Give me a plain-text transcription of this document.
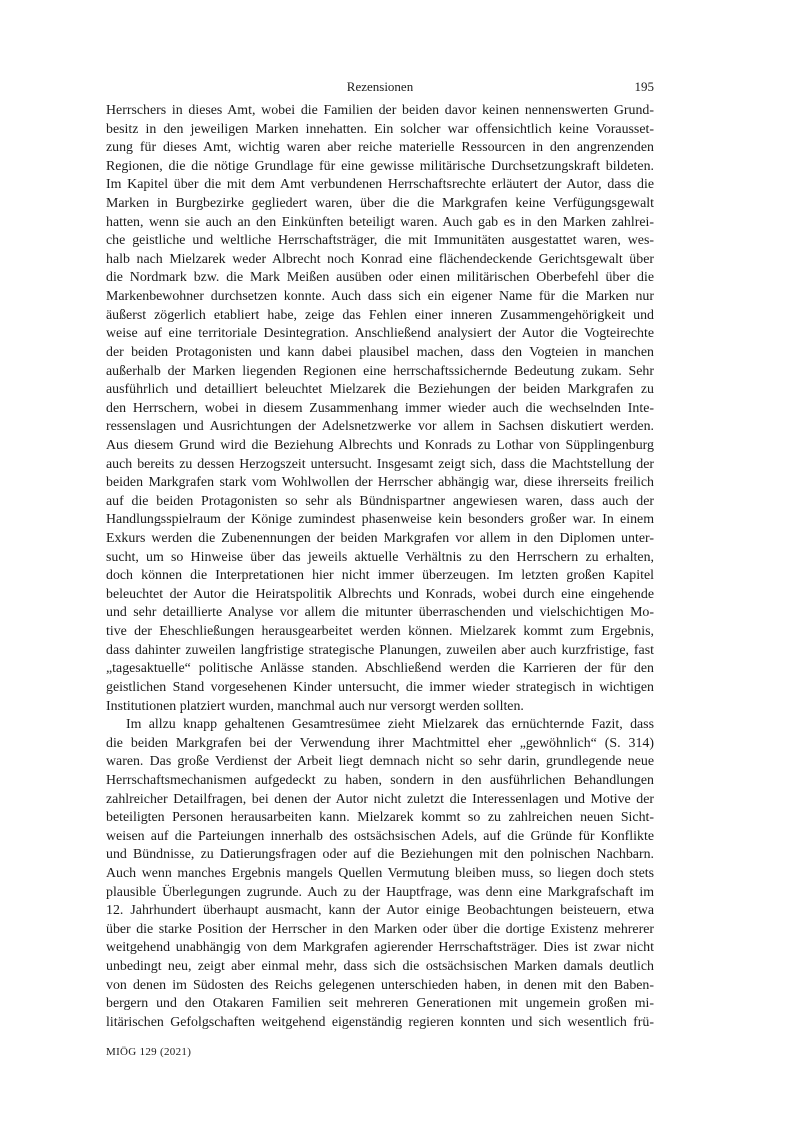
Rezensionen	195
Herrschers in dieses Amt, wobei die Familien der beiden davor keinen nennenswerten Grund-
besitz in den jeweiligen Marken innehatten. Ein solcher war offensichtlich keine Vorausset-
zung für dieses Amt, wichtig waren aber reiche materielle Ressourcen in den angrenzenden
Regionen, die die nötige Grundlage für eine gewisse militärische Durchsetzungskraft bildeten.
Im Kapitel über die mit dem Amt verbundenen Herrschaftsrechte erläutert der Autor, dass die
Marken in Burgbezirke gegliedert waren, über die die Markgrafen keine Verfügungsgewalt
hatten, wenn sie auch an den Einkünften beteiligt waren. Auch gab es in den Marken zahlrei-
che geistliche und weltliche Herrschaftsträger, die mit Immunitäten ausgestattet waren, wes-
halb nach Mielzarek weder Albrecht noch Konrad eine flächendeckende Gerichtsgewalt über
die Nordmark bzw. die Mark Meißen ausüben oder einen militärischen Oberbefehl über die
Markenbewohner durchsetzen konnte. Auch dass sich ein eigener Name für die Marken nur
äußerst zögerlich etabliert habe, zeige das Fehlen einer inneren Zusammengehörigkeit und
weise auf eine territoriale Desintegration. Anschließend analysiert der Autor die Vogteirechte
der beiden Protagonisten und kann dabei plausibel machen, dass den Vogteien in manchen
außerhalb der Marken liegenden Regionen eine herrschaftssichernde Bedeutung zukam. Sehr
ausführlich und detailliert beleuchtet Mielzarek die Beziehungen der beiden Markgrafen zu
den Herrschern, wobei in diesem Zusammenhang immer wieder auch die wechselnden Inte-
ressenslagen und Ausrichtungen der Adelsnetzwerke vor allem in Sachsen diskutiert werden.
Aus diesem Grund wird die Beziehung Albrechts und Konrads zu Lothar von Süpplingenburg
auch bereits zu dessen Herzogszeit untersucht. Insgesamt zeigt sich, dass die Machtstellung der
beiden Markgrafen stark vom Wohlwollen der Herrscher abhängig war, diese ihrerseits freilich
auf die beiden Protagonisten so sehr als Bündnispartner angewiesen waren, dass auch der
Handlungsspielraum der Könige zumindest phasenweise kein besonders großer war. In einem
Exkurs werden die Zubenennungen der beiden Markgrafen vor allem in den Diplomen unter-
sucht, um so Hinweise über das jeweils aktuelle Verhältnis zu den Herrschern zu erhalten,
doch können die Interpretationen hier nicht immer überzeugen. Im letzten großen Kapitel
beleuchtet der Autor die Heiratspolitik Albrechts und Konrads, wobei durch eine eingehende
und sehr detaillierte Analyse vor allem die mitunter überraschenden und vielschichtigen Mo-
tive der Eheschließungen herausgearbeitet werden können. Mielzarek kommt zum Ergebnis,
dass dahinter zuweilen langfristige strategische Planungen, zuweilen aber auch kurzfristige, fast
„tagesaktuelle“ politische Anlässe standen. Abschließend werden die Karrieren der für den
geistlichen Stand vorgesehenen Kinder untersucht, die immer wieder strategisch in wichtigen
Institutionen platziert wurden, manchmal auch nur versorgt werden sollten.
Im allzu knapp gehaltenen Gesamtresümee zieht Mielzarek das ernüchternde Fazit, dass
die beiden Markgrafen bei der Verwendung ihrer Machtmittel eher „gewöhnlich“ (S. 314)
waren. Das große Verdienst der Arbeit liegt demnach nicht so sehr darin, grundlegende neue
Herrschaftsmechanismen aufgedeckt zu haben, sondern in den ausführlichen Behandlungen
zahlreicher Detailfragen, bei denen der Autor nicht zuletzt die Interessenlagen und Motive der
beteiligten Personen herausarbeiten kann. Mielzarek kommt so zu zahlreichen neuen Sicht-
weisen auf die Parteiungen innerhalb des ostsächsischen Adels, auf die Gründe für Konflikte
und Bündnisse, zu Datierungsfragen oder auf die Beziehungen mit den polnischen Nachbarn.
Auch wenn manches Ergebnis mangels Quellen Vermutung bleiben muss, so liegen doch stets
plausible Überlegungen zugrunde. Auch zu der Hauptfrage, was denn eine Markgrafschaft im
12. Jahrhundert überhaupt ausmacht, kann der Autor einige Beobachtungen beisteuern, etwa
über die starke Position der Herrscher in den Marken oder über die dortige Existenz mehrerer
weitgehend unabhängig von dem Markgrafen agierender Herrschaftsträger. Dies ist zwar nicht
unbedingt neu, zeigt aber einmal mehr, dass sich die ostsächsischen Marken damals deutlich
von denen im Südosten des Reichs gelegenen unterschieden haben, in denen mit den Baben-
bergern und den Otakaren Familien seit mehreren Generationen mit ungemein großen mi-
litärischen Gefolgschaften weitgehend eigenständig regieren konnten und sich wesentlich frü-
MIÖG 129 (2021)
